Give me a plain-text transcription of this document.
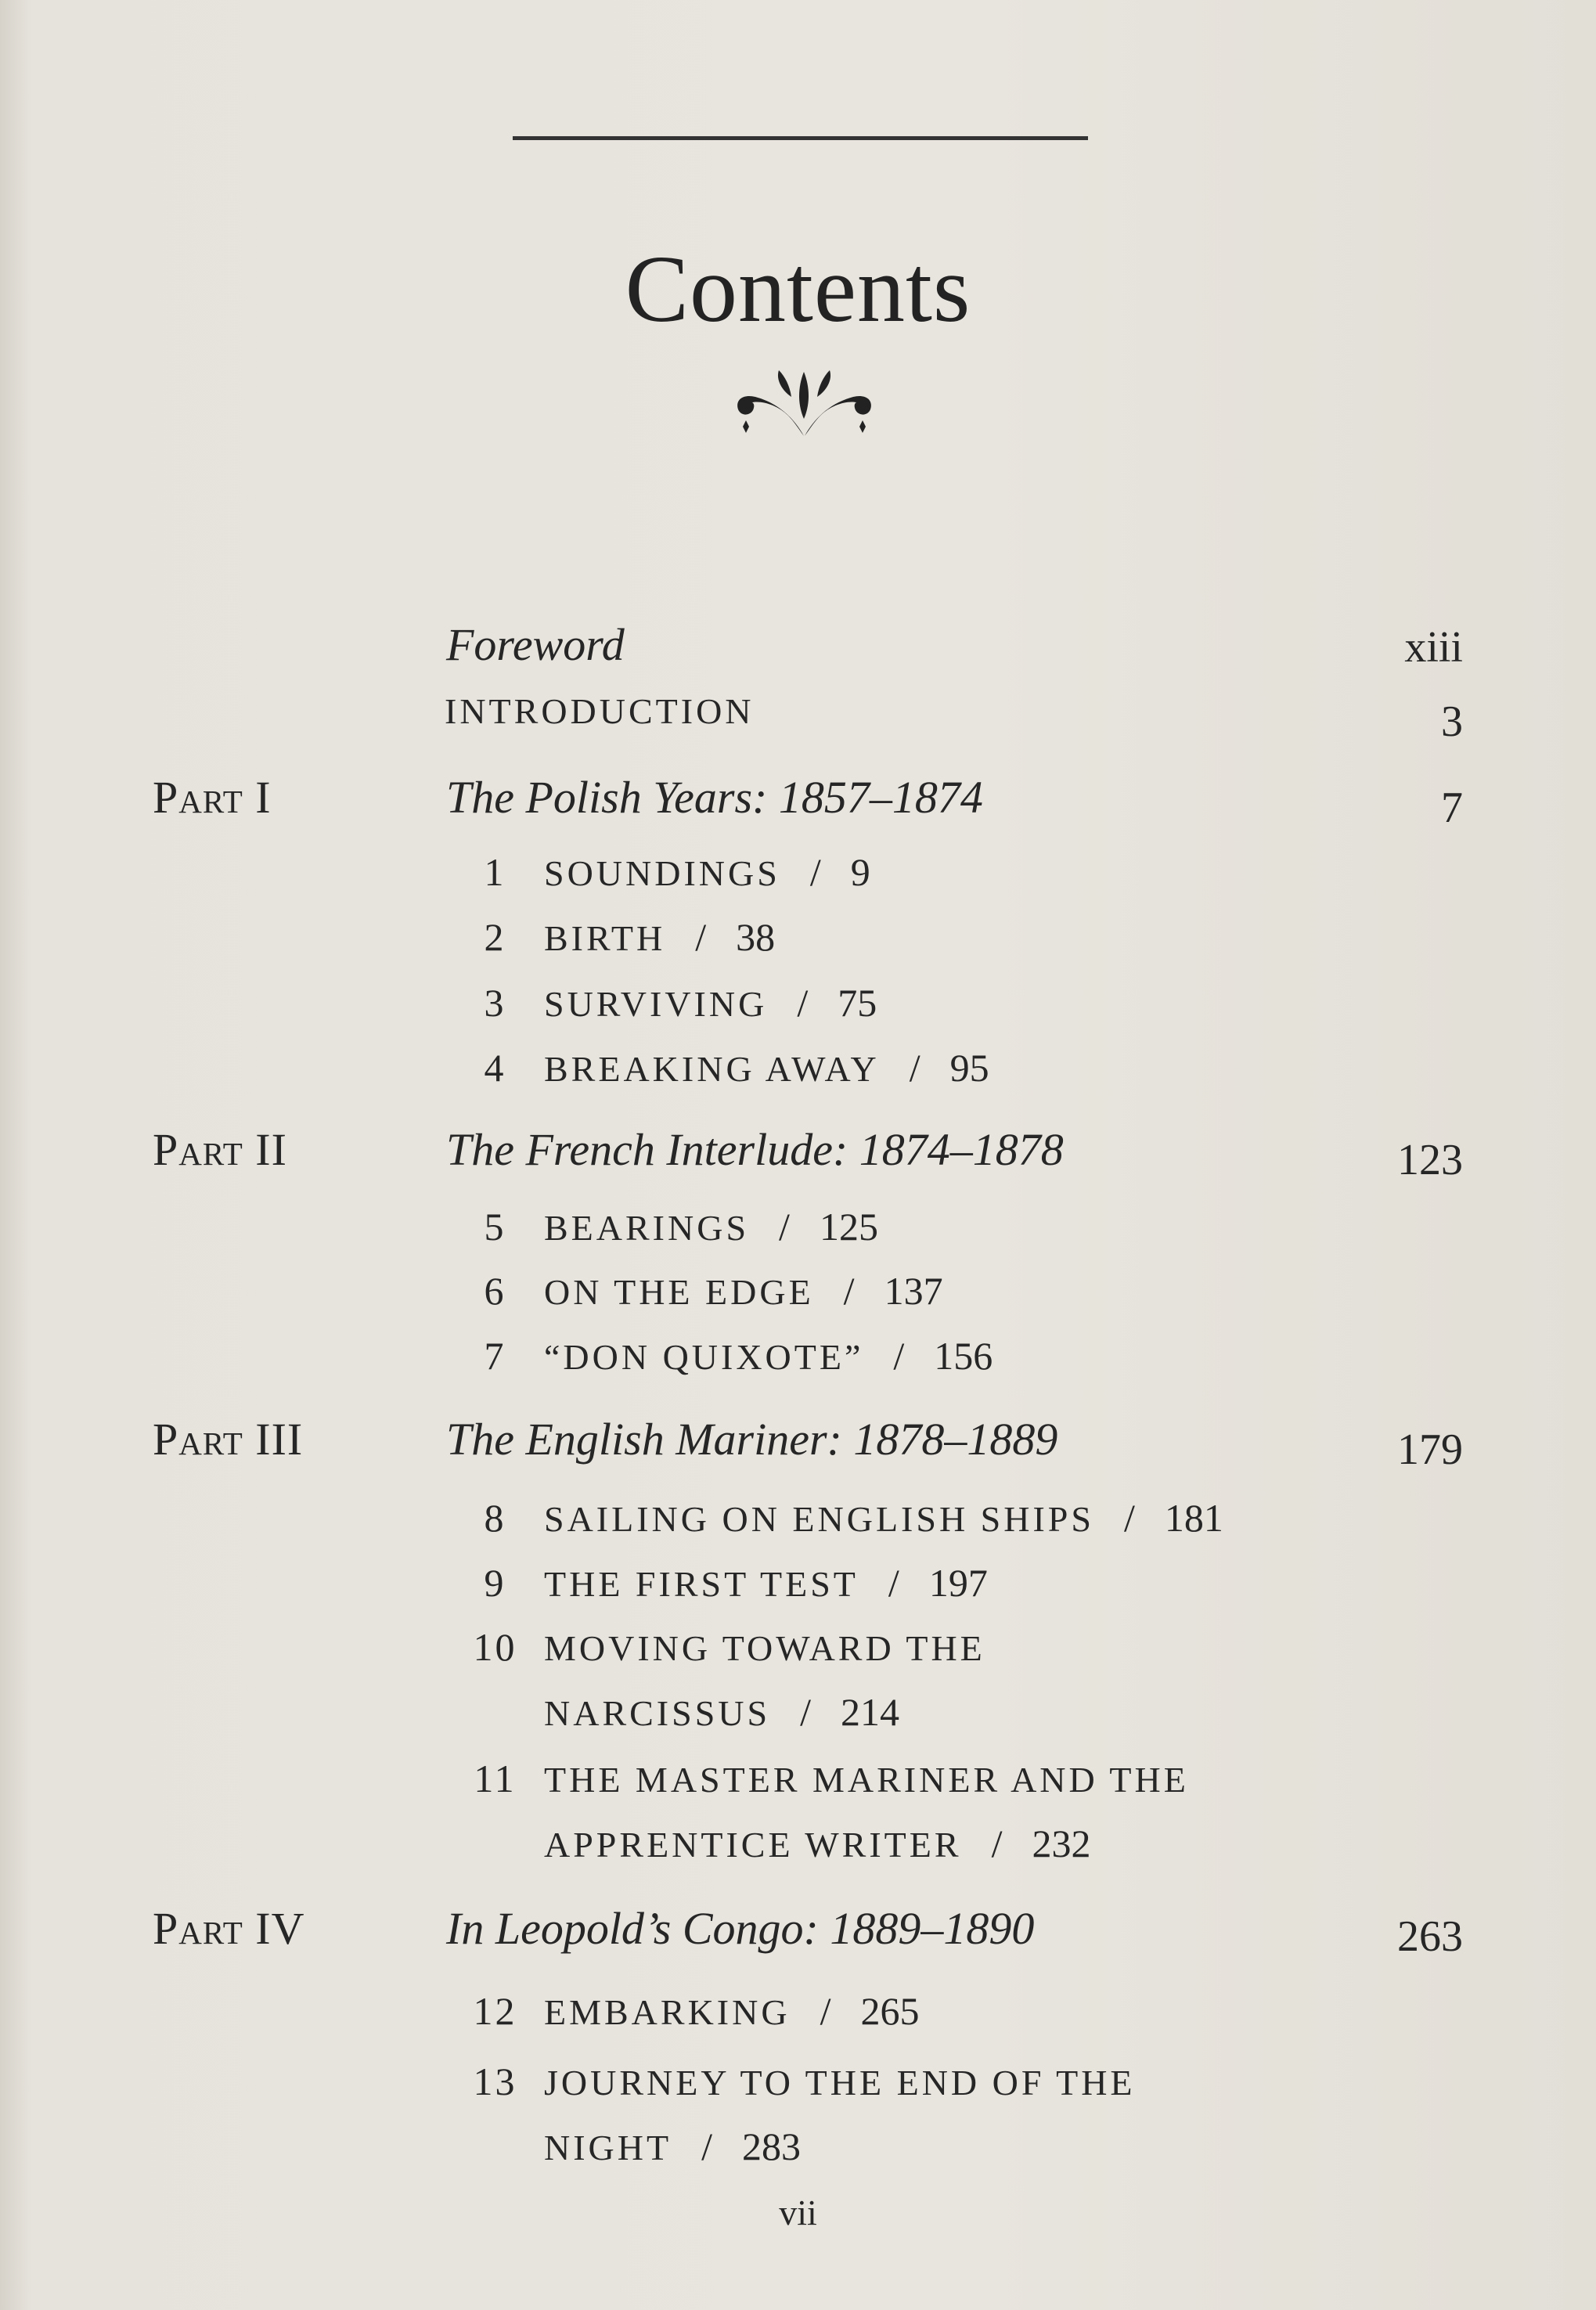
Contents
Foreword	xiii
INTRODUCTION	3
Part I	The Polish Years: 1857–1874	7
1 SOUNDINGS / 9
2 BIRTH / 38
3 SURVIVING / 75
4 BREAKING AWAY / 95
Part II	The French Interlude: 1874–1878	123
5 BEARINGS / 125
6 ON THE EDGE / 137
7 “DON QUIXOTE” / 156
Part III	The English Mariner: 1878–1889	179
8 SAILING ON ENGLISH SHIPS / 181
9 THE FIRST TEST / 197
10 MOVING TOWARD THE
NARCISSUS / 214
11 THE MASTER MARINER AND THE
APPRENTICE WRITER / 232
Part IV	In Leopold’s Congo: 1889–1890	263
12 EMBARKING / 265
13 JOURNEY TO THE END OF THE
NIGHT / 283
vii
